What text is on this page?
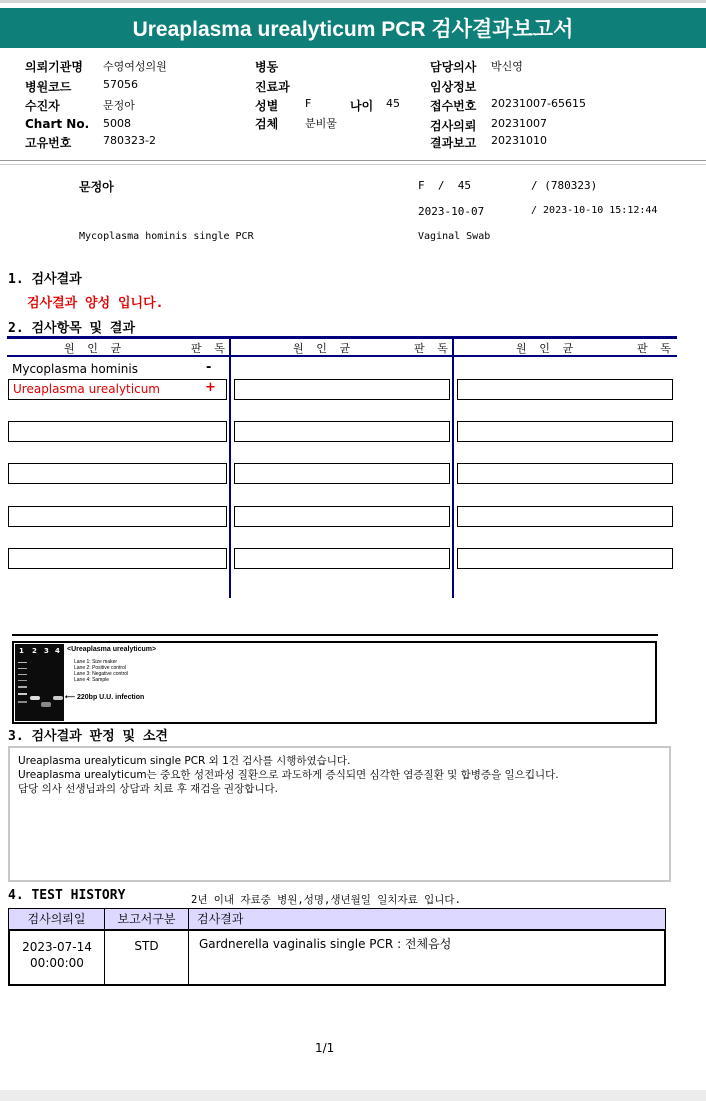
Ureaplasma urealyticum PCR 검사결과보고서
의뢰기관명 수영여성의원
병원코드	57056
수진자	문정아
Chart No. 5008
고유번호	780323-2
병동
진료과
성별 F	나이 45
검체 분비물
담당의사 박신영
임상정보
접수번호 20231007-65615
검사의뢰 20231007
결과보고 20231010
문정아	F  /  45	/ (780323)
2023-10-07	/ 2023-10-10 15:12:44
Mycoplasma hominis single PCR	Vaginal Swab
1. 검사결과
검사결과 양성 입니다.
2. 검사항목 및 결과
원 인 균	판 독	원 인 균	판 독	원 인 균	판 독
Mycoplasma hominis	-
Ureaplasma urealyticum	+
1 2 3 4 <Ureaplasma urealyticum>
Lane 1: Size maker
Lane 2: Positive control
Lane 3: Negative control
Lane 4: Sample
⟵ 220bp U.U. infection
3. 검사결과 판정 및 소견
Ureaplasma urealyticum single PCR 외 1건 검사를 시행하였습니다.
Ureaplasma urealyticum는 중요한 성전파성 질환으로 과도하게 증식되면 심각한 염증질환 및 합병증을 일으킵니다.
담당 의사 선생님과의 상담과 치료 후 재검을 권장합니다.
4. TEST HISTORY	2년 이내 자료중 병원,성명,생년월일 일치자료 입니다.
검사의뢰일	보고서구분	검사결과
2023-07-14
00:00:00
STD	Gardnerella vaginalis single PCR : 전체음성
1/1
